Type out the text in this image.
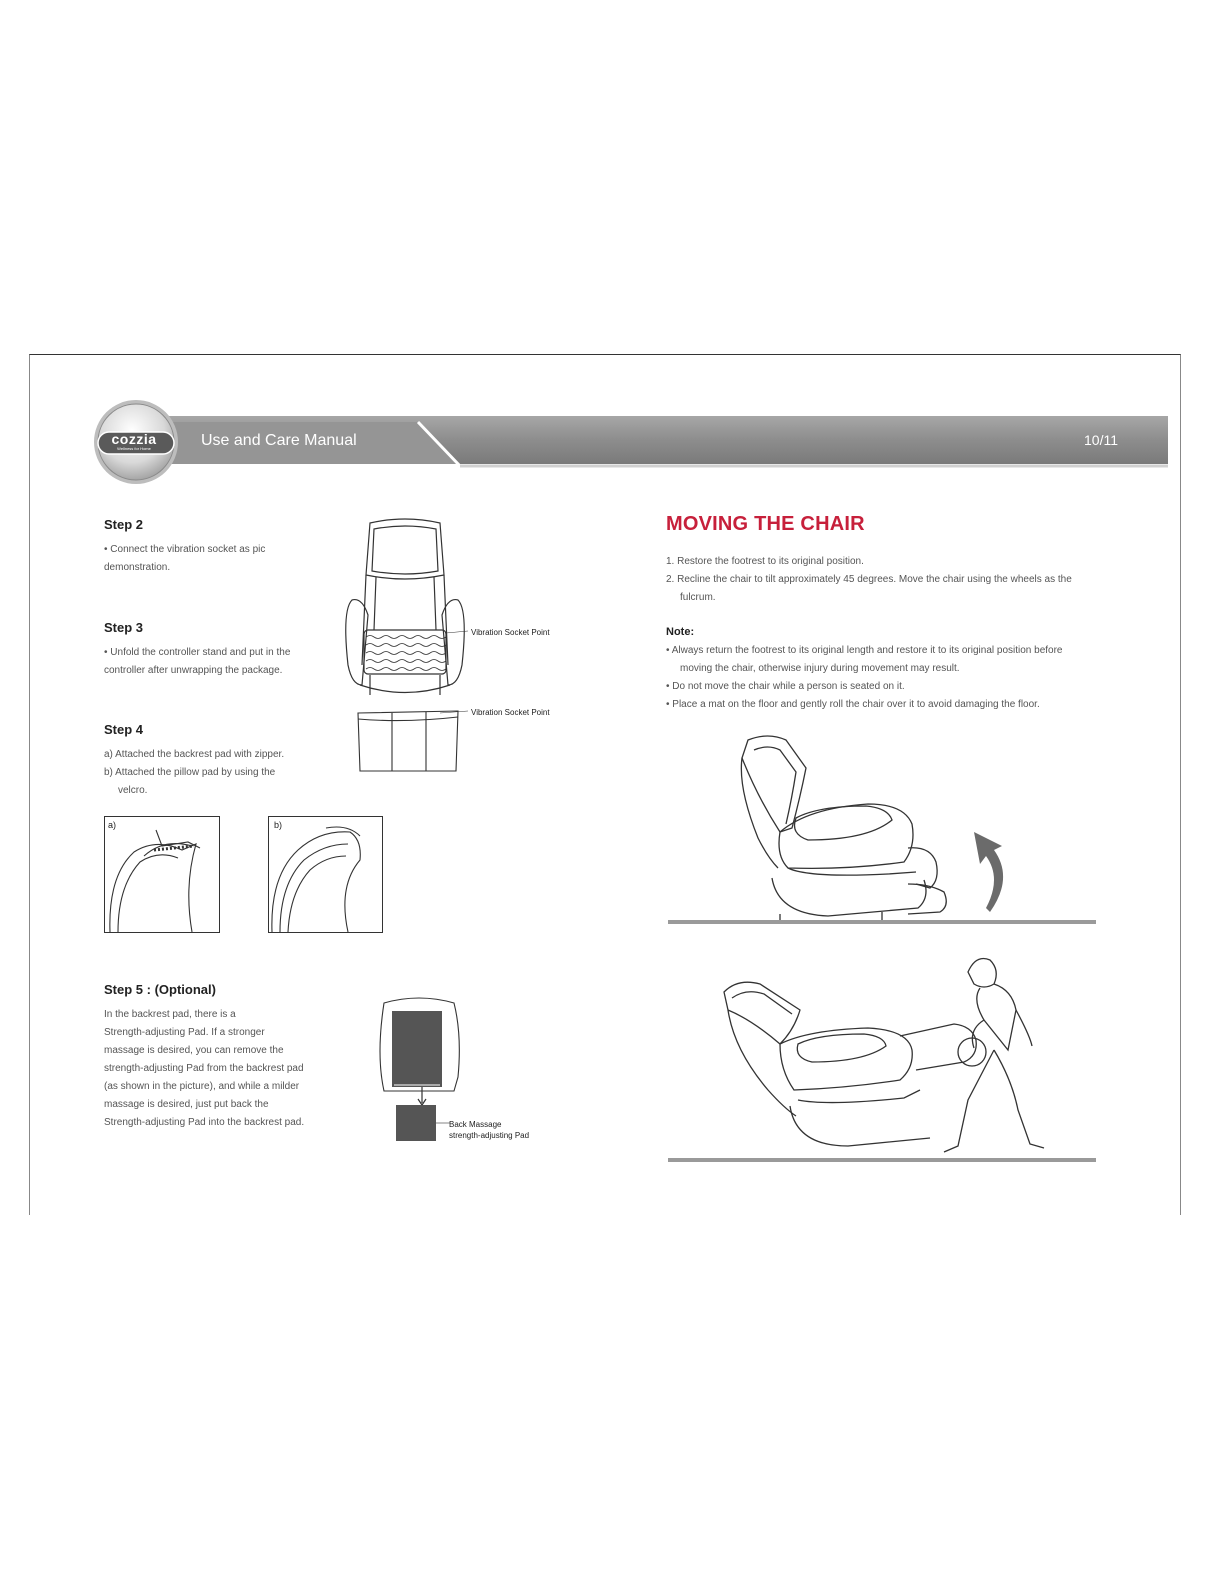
cozzia
Wellness for Home	Use and Care Manual	10/11
Step 2

• Connect the vibration socket as pic

demonstration.

Step 3

• Unfold the controller stand and put in the

controller after unwrapping the package.

Step 4

a) Attached the backrest pad with zipper.

b) Attached the pillow pad by using the

velcro.

Vibration Socket Point
Vibration Socket Point
a)	b)
Step 5 : (Optional)

In the backrest pad, there is a

Strength-adjusting Pad. If a stronger

massage is desired, you can remove the

strength-adjusting Pad from the backrest pad

(as shown in the picture), and while a milder

massage is desired, just put back the

Strength-adjusting Pad into the backrest pad.	Back Massage
strength-adjusting Pad
MOVING THE CHAIR

1. Restore the footrest to its original position.

2. Recline the chair to tilt approximately 45 degrees. Move the chair using the wheels as the

fulcrum.

Note:

• Always return the footrest to its original length and restore it to its original position before

moving the chair, otherwise injury during movement may result.

• Do not move the chair while a person is seated on it.

• Place a mat on the floor and gently roll the chair over it to avoid damaging the floor.
